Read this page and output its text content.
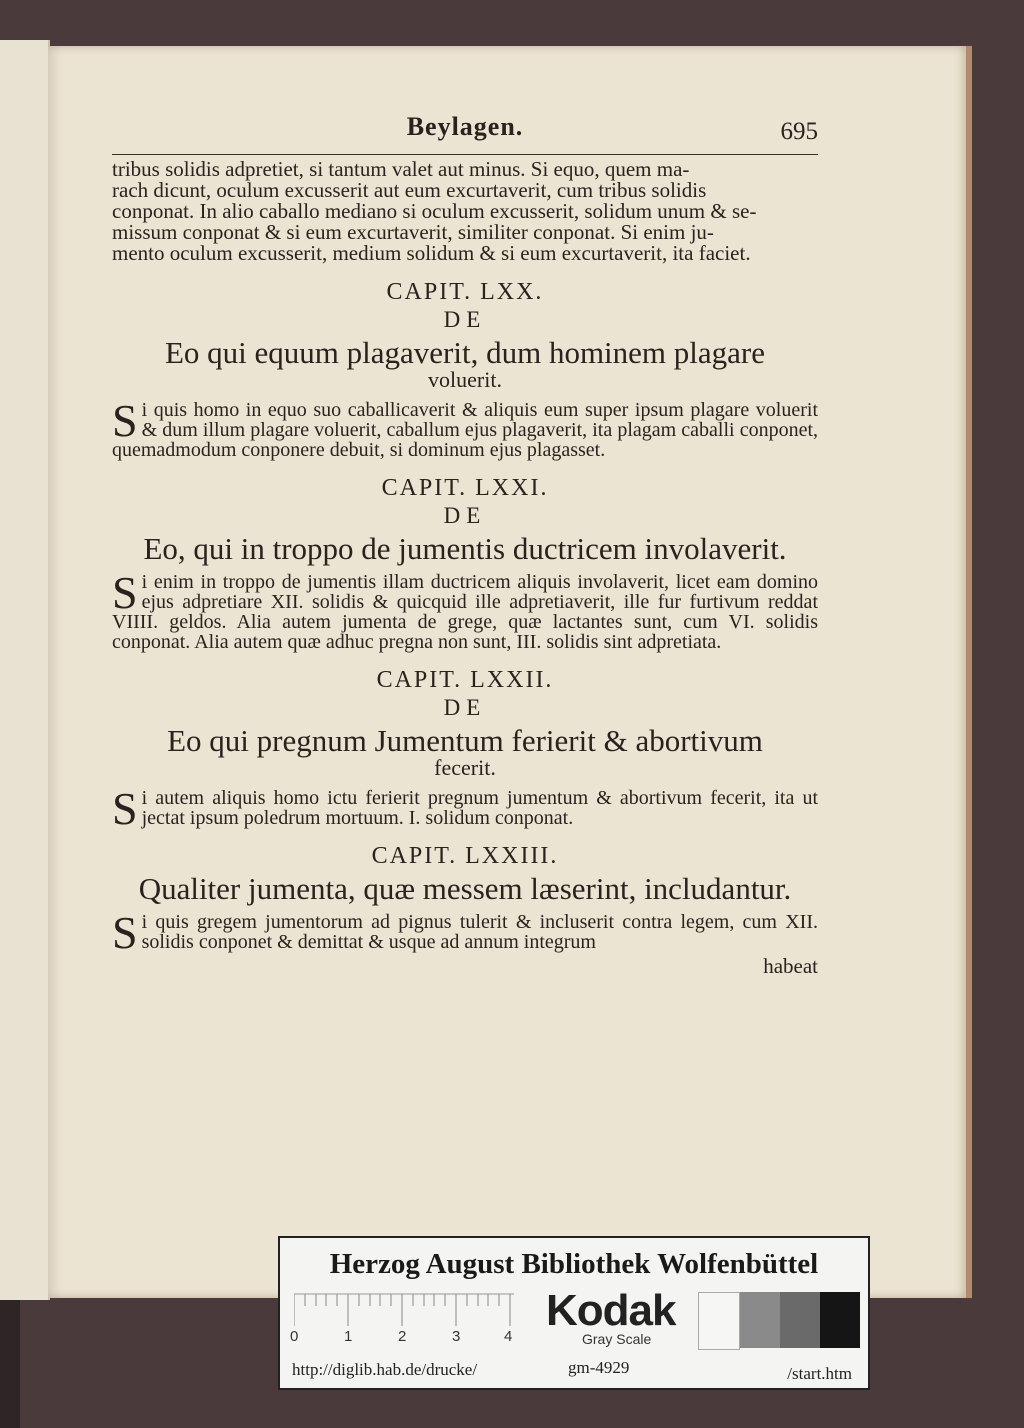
Beylagen.	695

tribus solidis adpretiet, si tantum valet aut minus. Si equo, quem ma-

rach dicunt, oculum excusserit aut eum excurtaverit, cum tribus solidis

conponat. In alio caballo mediano si oculum excusserit, solidum unum & se-

missum conponat & si eum excurtaverit, similiter conponat. Si enim ju-

mento oculum excusserit, medium solidum & si eum excurtaverit, ita faciet.

CAPIT. LXX.
DE
Eo qui equum plagaverit, dum hominem plagare
voluerit.
S i quis homo in equo suo caballicaverit & aliquis eum super ipsum plagare voluerit & dum illum plagare voluerit, caballum ejus plagaverit, ita plagam caballi conponet, quemadmodum conponere debuit, si dominum ejus plagasset.
CAPIT. LXXI.
DE
Eo, qui in troppo de jumentis ductricem involaverit.
S i enim in troppo de jumentis illam ductricem aliquis involaverit, licet eam domino ejus adpretiare XII. solidis & quicquid ille adpretiaverit, ille fur furtivum reddat VIIII. geldos. Alia autem jumenta de grege, quæ lactantes sunt, cum VI. solidis conponat. Alia autem quæ adhuc pregna non sunt, III. solidis sint adpretiata.
CAPIT. LXXII.
DE
Eo qui pregnum Jumentum ferierit & abortivum
fecerit.
S i autem aliquis homo ictu ferierit pregnum jumentum & abortivum fecerit, ita ut jectat ipsum poledrum mortuum. I. solidum conponat.
CAPIT. LXXIII.
Qualiter jumenta, quæ messem læserint, includantur.
S i quis gregem jumentorum ad pignus tulerit & incluserit contra legem, cum XII. solidis conponet & demittat & usque ad annum integrum
habeat
Herzog August Bibliothek Wolfenbüttel
0	1	2	3	4
Kodak
Gray Scale
http://diglib.hab.de/drucke/	gm-4929	/start.htm
